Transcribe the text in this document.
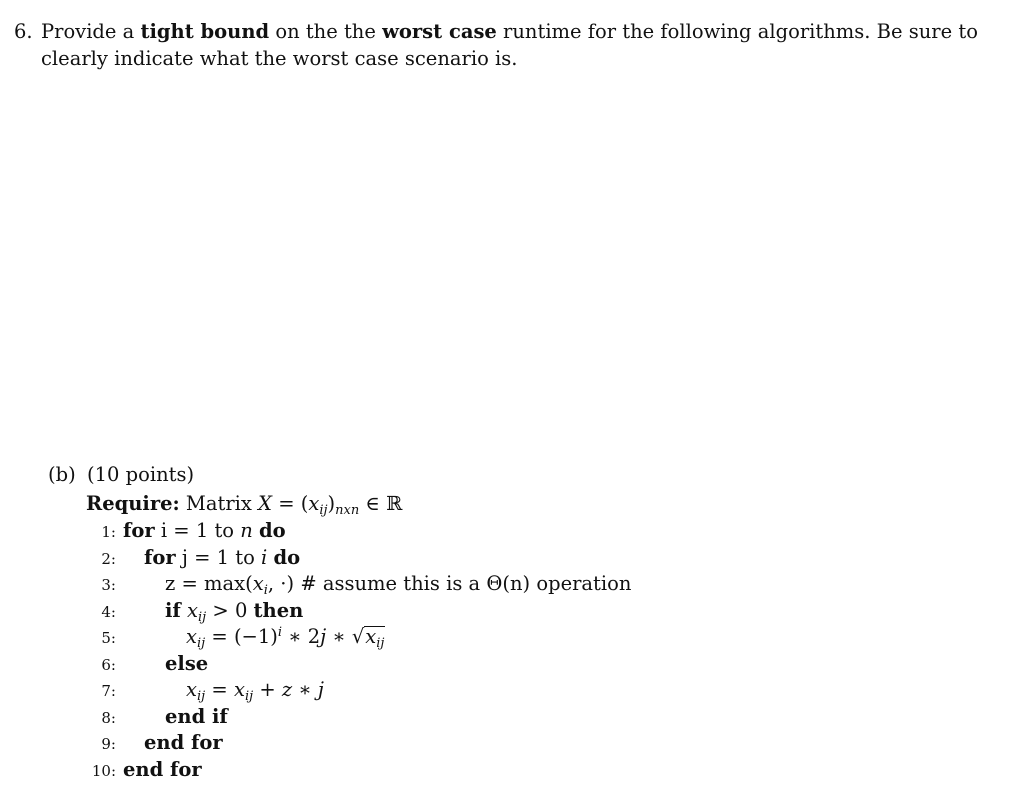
6. Provide a tight bound on the the worst case runtime for the following algorithms. Be sure to clearly indicate what the worst case scenario is.
(b) (10 points)
Require: Matrix $X = (x_{ij})_{nxn}$ ∈ ℝ
1: for i = 1 to n do
2: for j = 1 to i do
3:	$z = \max(x_i$, ·) # assume this is a Θ(n) operation
4:	if $x_{ij} > 0$ then
5:	$x_{ij} = (-1)^i$ ∗ 2j ∗ $√x_{ij}$
6:	else
7:	$x_{ij} = x_{ij} + z$ ∗ j
8:	end if
9: end for
10: end for
